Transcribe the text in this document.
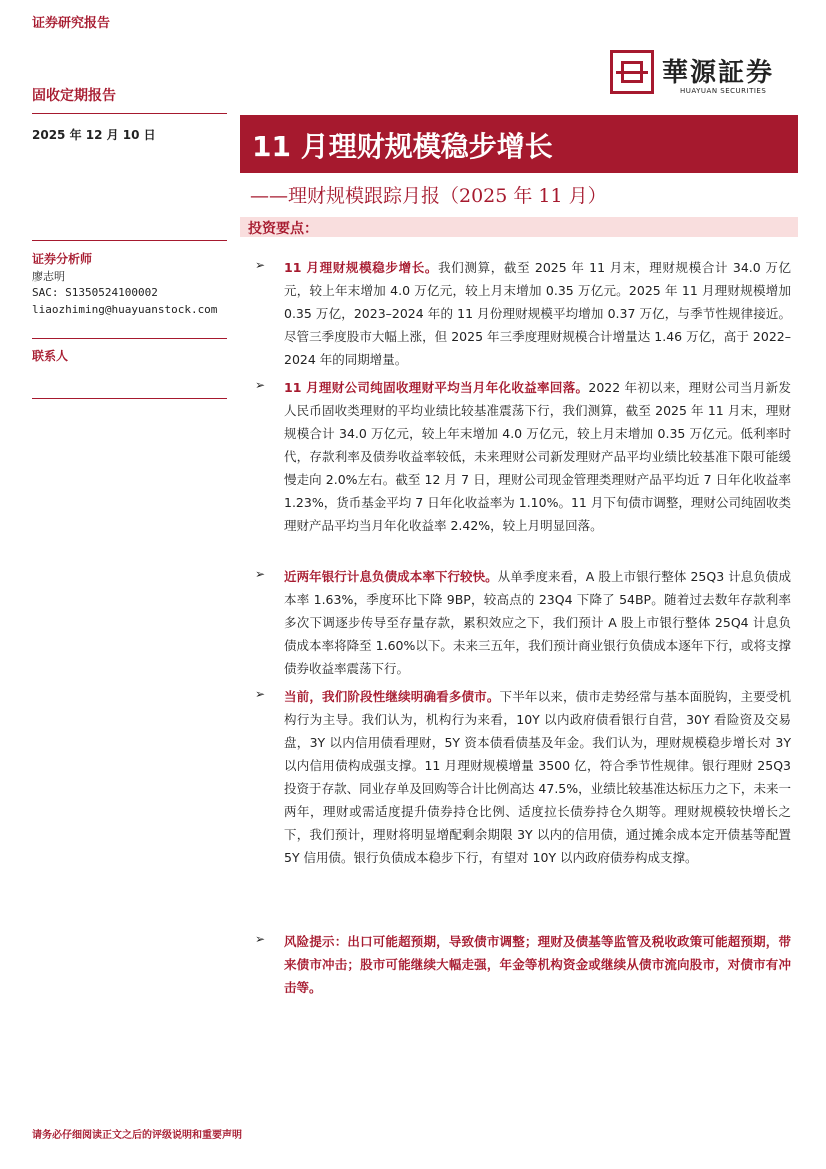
证券研究报告
固收定期报告
2025 年 12 月 10 日
華源証券
HUAYUAN SECURITIES
11 月理财规模稳步增长
——理财规模跟踪月报（2025 年 11 月）
投资要点：
证券分析师
廖志明
SAC: S1350524100002
liaozhiming@huayuanstock.com
联系人
➢ 11 月理财规模稳步增长。我们测算，截至 2025 年 11 月末，理财规模合计 34.0 万亿元，较上年末增加 4.0 万亿元，较上月末增加 0.35 万亿元。2025 年 11 月理财规模增加 0.35 万亿，2023–2024 年的 11 月份理财规模平均增加 0.37 万亿，与季节性规律接近。尽管三季度股市大幅上涨，但 2025 年三季度理财规模合计增量达 1.46 万亿，高于 2022–2024 年的同期增量。
➢ 11 月理财公司纯固收理财平均当月年化收益率回落。2022 年初以来，理财公司当月新发人民币固收类理财的平均业绩比较基准震荡下行，我们测算，截至 2025 年 11 月末，理财规模合计 34.0 万亿元，较上年末增加 4.0 万亿元，较上月末增加 0.35 万亿元。低利率时代，存款利率及债券收益率较低，未来理财公司新发理财产品平均业绩比较基准下限可能缓慢走向 2.0%左右。截至 12 月 7 日，理财公司现金管理类理财产品平均近 7 日年化收益率 1.23%，货币基金平均 7 日年化收益率为 1.10%。11 月下旬债市调整，理财公司纯固收类理财产品平均当月年化收益率 2.42%，较上月明显回落。
➢ 近两年银行计息负债成本率下行较快。从单季度来看，A 股上市银行整体 25Q3 计息负债成本率 1.63%，季度环比下降 9BP，较高点的 23Q4 下降了 54BP。随着过去数年存款利率多次下调逐步传导至存量存款，累积效应之下，我们预计 A 股上市银行整体 25Q4 计息负债成本率将降至 1.60%以下。未来三五年，我们预计商业银行负债成本逐年下行，或将支撑债券收益率震荡下行。
➢ 当前，我们阶段性继续明确看多债市。下半年以来，债市走势经常与基本面脱钩，主要受机构行为主导。我们认为，机构行为来看，10Y 以内政府债看银行自营，30Y 看险资及交易盘，3Y 以内信用债看理财，5Y 资本债看债基及年金。我们认为，理财规模稳步增长对 3Y 以内信用债构成强支撑。11 月理财规模增量 3500 亿，符合季节性规律。银行理财 25Q3 投资于存款、同业存单及回购等合计比例高达 47.5%，业绩比较基准达标压力之下，未来一两年，理财或需适度提升债券持仓比例、适度拉长债券持仓久期等。理财规模较快增长之下，我们预计，理财将明显增配剩余期限 3Y 以内的信用债，通过摊余成本定开债基等配置 5Y 信用债。银行负债成本稳步下行，有望对 10Y 以内政府债券构成支撑。
➢ 风险提示：出口可能超预期，导致债市调整；理财及债基等监管及税收政策可能超预期，带来债市冲击；股市可能继续大幅走强，年金等机构资金或继续从债市流向股市，对债市有冲击等。
请务必仔细阅读正文之后的评级说明和重要声明
